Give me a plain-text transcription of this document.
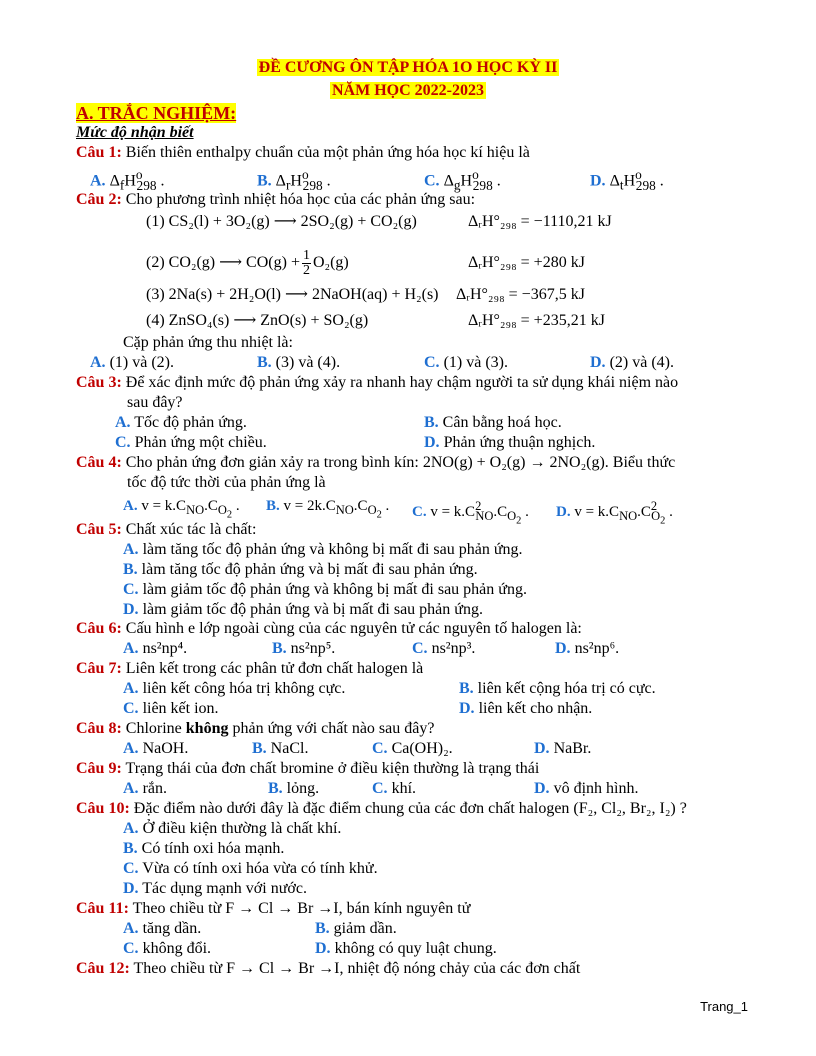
ĐỀ CƯƠNG ÔN TẬP HÓA 1O HỌC KỲ II
NĂM HỌC 2022-2023
A. TRẮC NGHIỆM:
Mức độ nhận biết
Câu 1: Biến thiên enthalpy chuẩn của một phản ứng hóa học kí hiệu là
A. $\Delta_fH^o_{298}$ .	B. $\Delta_rH^o_{298}$ .	C. $\Delta_gH^o_{298}$ .	D. $\Delta_tH^o_{298}$ .
Câu 2: Cho phương trình nhiệt hóa học của các phản ứng sau:
(1) CS₂(l) + 3O₂(g) ⟶ 2SO₂(g) + CO₂(g)	ΔᵣH°₂₉₈ = −1110,21 kJ
(2) CO₂(g) ⟶ $CO(g) + \frac{1}{2} O_2(g)$	ΔᵣH°₂₉₈ = +280 kJ
(3) 2Na(s) + 2H₂O(l) ⟶ 2NaOH(aq) + H₂(s) ΔᵣH°₂₉₈ = −367,5 kJ
(4) ZnSO₄(s) ⟶ ZnO(s) + SO₂(g)	ΔᵣH°₂₉₈ = +235,21 kJ
Cặp phản ứng thu nhiệt là:
A. (1) và (2).	B. (3) và (4).	C. (1) và (3).	D. (2) và (4).
Câu 3: Để xác định mức độ phản ứng xảy ra nhanh hay chậm người ta sử dụng khái niệm nào
sau đây?
A. Tốc độ phản ứng.	B. Cân bằng hoá học.
C. Phản ứng một chiều.	D. Phản ứng thuận nghịch.
Câu 4: Cho phản ứng đơn giản xảy ra trong bình kín: 2NO(g) + O₂(g) → 2NO₂(g). Biểu thức
tốc độ tức thời của phản ứng là
A. $v = k.C_{NO}.C_{O_2}$ . B. $v = 2k.C_{NO}.C_{O_2}$ . C. $v = k.C^2_{NO}.C_{O_2}$ . D. $v = k.C_{NO}.C^2_{O_2}$ .
Câu 5: Chất xúc tác là chất:
A. làm tăng tốc độ phản ứng và không bị mất đi sau phản ứng.
B. làm tăng tốc độ phản ứng và bị mất đi sau phản ứng.
C. làm giảm tốc độ phản ứng và không bị mất đi sau phản ứng.
D. làm giảm tốc độ phản ứng và bị mất đi sau phản ứng.
Câu 6: Cấu hình e lớp ngoài cùng của các nguyên tử các nguyên tố halogen là:
A. ns²np⁴.	B. ns²np⁵.	C. ns²np³.	D. ns²np⁶.
Câu 7: Liên kết trong các phân tử đơn chất halogen là
A. liên kết công hóa trị không cực.	B. liên kết cộng hóa trị có cực.
C. liên kết ion.	D. liên kết cho nhận.
Câu 8: Chlorine không phản ứng với chất nào sau đây?
A. NaOH.	B. NaCl.	C. Ca(OH)₂.	D. NaBr.
Câu 9: Trạng thái của đơn chất bromine ở điều kiện thường là trạng thái
A. rắn.	B. lỏng.	C. khí.	D. vô định hình.
Câu 10: Đặc điểm nào dưới đây là đặc điểm chung của các đơn chất halogen (F₂, Cl₂, Br₂, I₂) ?
A. Ở điều kiện thường là chất khí.
B. Có tính oxi hóa mạnh.
C. Vừa có tính oxi hóa vừa có tính khử.
D. Tác dụng mạnh với nước.
Câu 11: Theo chiều từ F → Cl → Br →I, bán kính nguyên tử
A. tăng dần.	B. giảm dần.
C. không đổi.	D. không có quy luật chung.
Câu 12: Theo chiều từ F → Cl → Br →I, nhiệt độ nóng chảy của các đơn chất
Trang_1
